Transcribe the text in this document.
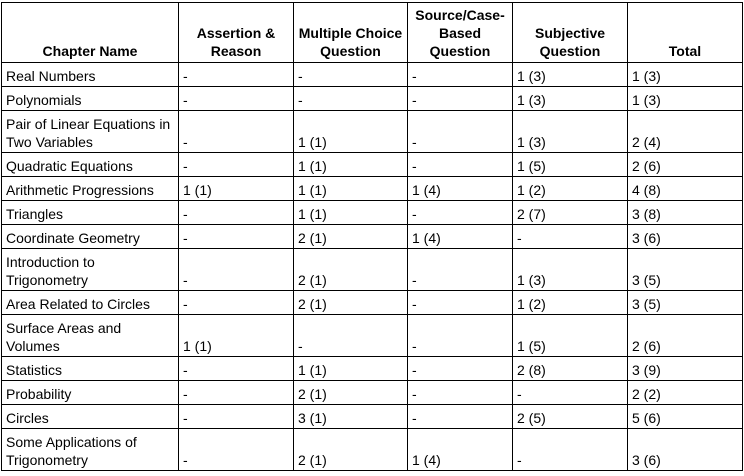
Chapter Name	Assertion & Reason	Multiple Choice Question	Source/Case-Based Question	Subjective Question	Total
Real Numbers	-	-	-	1 (3)	1 (3)
Polynomials	-	-	-	1 (3)	1 (3)
Pair of Linear Equations in Two Variables	-	1 (1)	-	1 (3)	2 (4)
Quadratic Equations	-	1 (1)	-	1 (5)	2 (6)
Arithmetic Progressions	1 (1)	1 (1)	1 (4)	1 (2)	4 (8)
Triangles	-	1 (1)	-	2 (7)	3 (8)
Coordinate Geometry	-	2 (1)	1 (4)	-	3 (6)
Introduction to Trigonometry	-	2 (1)	-	1 (3)	3 (5)
Area Related to Circles	-	2 (1)	-	1 (2)	3 (5)
Surface Areas and Volumes	1 (1)	-	-	1 (5)	2 (6)
Statistics	-	1 (1)	-	2 (8)	3 (9)
Probability	-	2 (1)	-	-	2 (2)
Circles	-	3 (1)	-	2 (5)	5 (6)
Some Applications of Trigonometry	-	2 (1)	1 (4)	-	3 (6)
